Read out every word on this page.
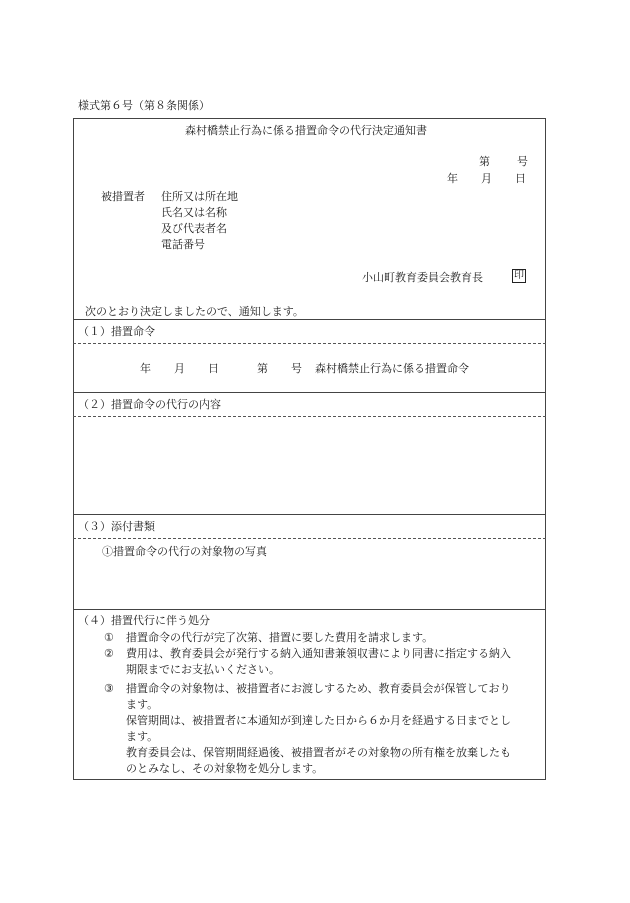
様式第６号（第８条関係）
森村橋禁止行為に係る措置命令の代行決定通知書
第 号
年 月 日
被措置者 住所又は所在地
氏名又は名称
及び代表者名
電話番号
小山町教育委員会教育長	印
次のとおり決定しましたので、通知します。
（１）措置命令
年 月 日	第 号 森村橋禁止行為に係る措置命令
（２）措置命令の代行の内容
（３）添付書類
①措置命令の代行の対象物の写真
（４）措置代行に伴う処分
① 措置命令の代行が完了次第、措置に要した費用を請求します。
② 費用は、教育委員会が発行する納入通知書兼領収書により同書に指定する納入
期限までにお支払いください。
③ 措置命令の対象物は、被措置者にお渡しするため、教育委員会が保管しており
ます。
保管期間は、被措置者に本通知が到達した日から６か月を経過する日までとし
ます。
教育委員会は、保管期間経過後、被措置者がその対象物の所有権を放棄したも
のとみなし、その対象物を処分します。
